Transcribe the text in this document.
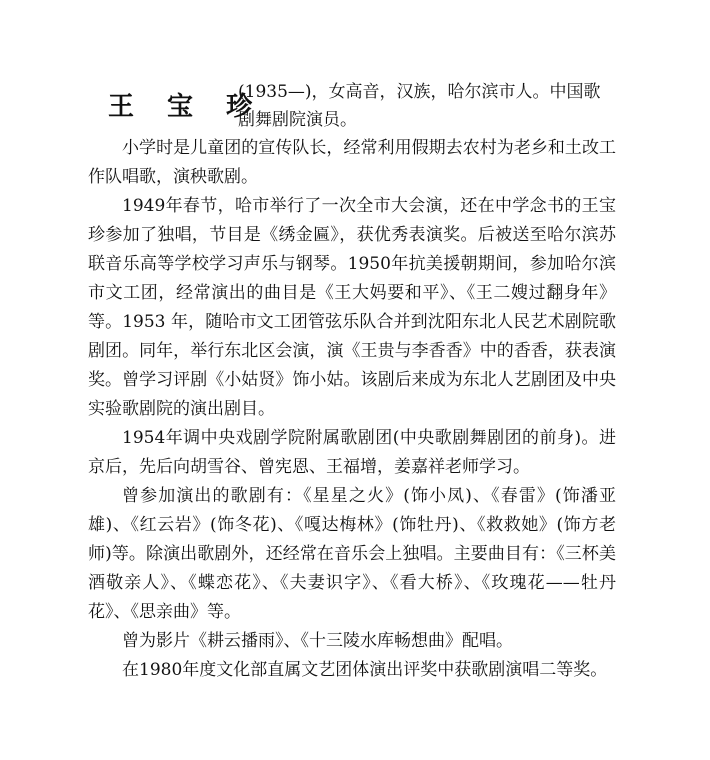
王 宝 珍
(1935—)，女高音，汉族，哈尔滨市人。中国歌剧舞剧院演员。

小学时是儿童团的宣传队长，经常利用假期去农村为老乡和土改工作队唱歌，演秧歌剧。

1949年春节，哈市举行了一次全市大会演，还在中学念书的王宝珍参加了独唱，节目是《绣金匾》，获优秀表演奖。后被送至哈尔滨苏联音乐高等学校学习声乐与钢琴。1950年抗美援朝期间，参加哈尔滨市文工团，经常演出的曲目是《王大妈要和平》、《王二嫂过翻身年》等。1953 年，随哈市文工团管弦乐队合并到沈阳东北人民艺术剧院歌剧团。同年，举行东北区会演，演《王贵与李香香》中的香香，获表演奖。曾学习评剧《小姑贤》饰小姑。该剧后来成为东北人艺剧团及中央实验歌剧院的演出剧目。

1954年调中央戏剧学院附属歌剧团(中央歌剧舞剧团的前身)。进京后，先后向胡雪谷、曾宪恩、王福增，姜嘉祥老师学习。

曾参加演出的歌剧有：《星星之火》(饰小凤)、《春雷》(饰潘亚雄)、《红云岩》(饰冬花)、《嘎达梅林》(饰牡丹)、《救救她》(饰方老师)等。除演出歌剧外，还经常在音乐会上独唱。主要曲目有：《三杯美酒敬亲人》、《蝶恋花》、《夫妻识字》、《看大桥》、《玫瑰花——牡丹花》、《思亲曲》等。

曾为影片《耕云播雨》、《十三陵水库畅想曲》配唱。

在1980年度文化部直属文艺团体演出评奖中获歌剧演唱二等奖。
